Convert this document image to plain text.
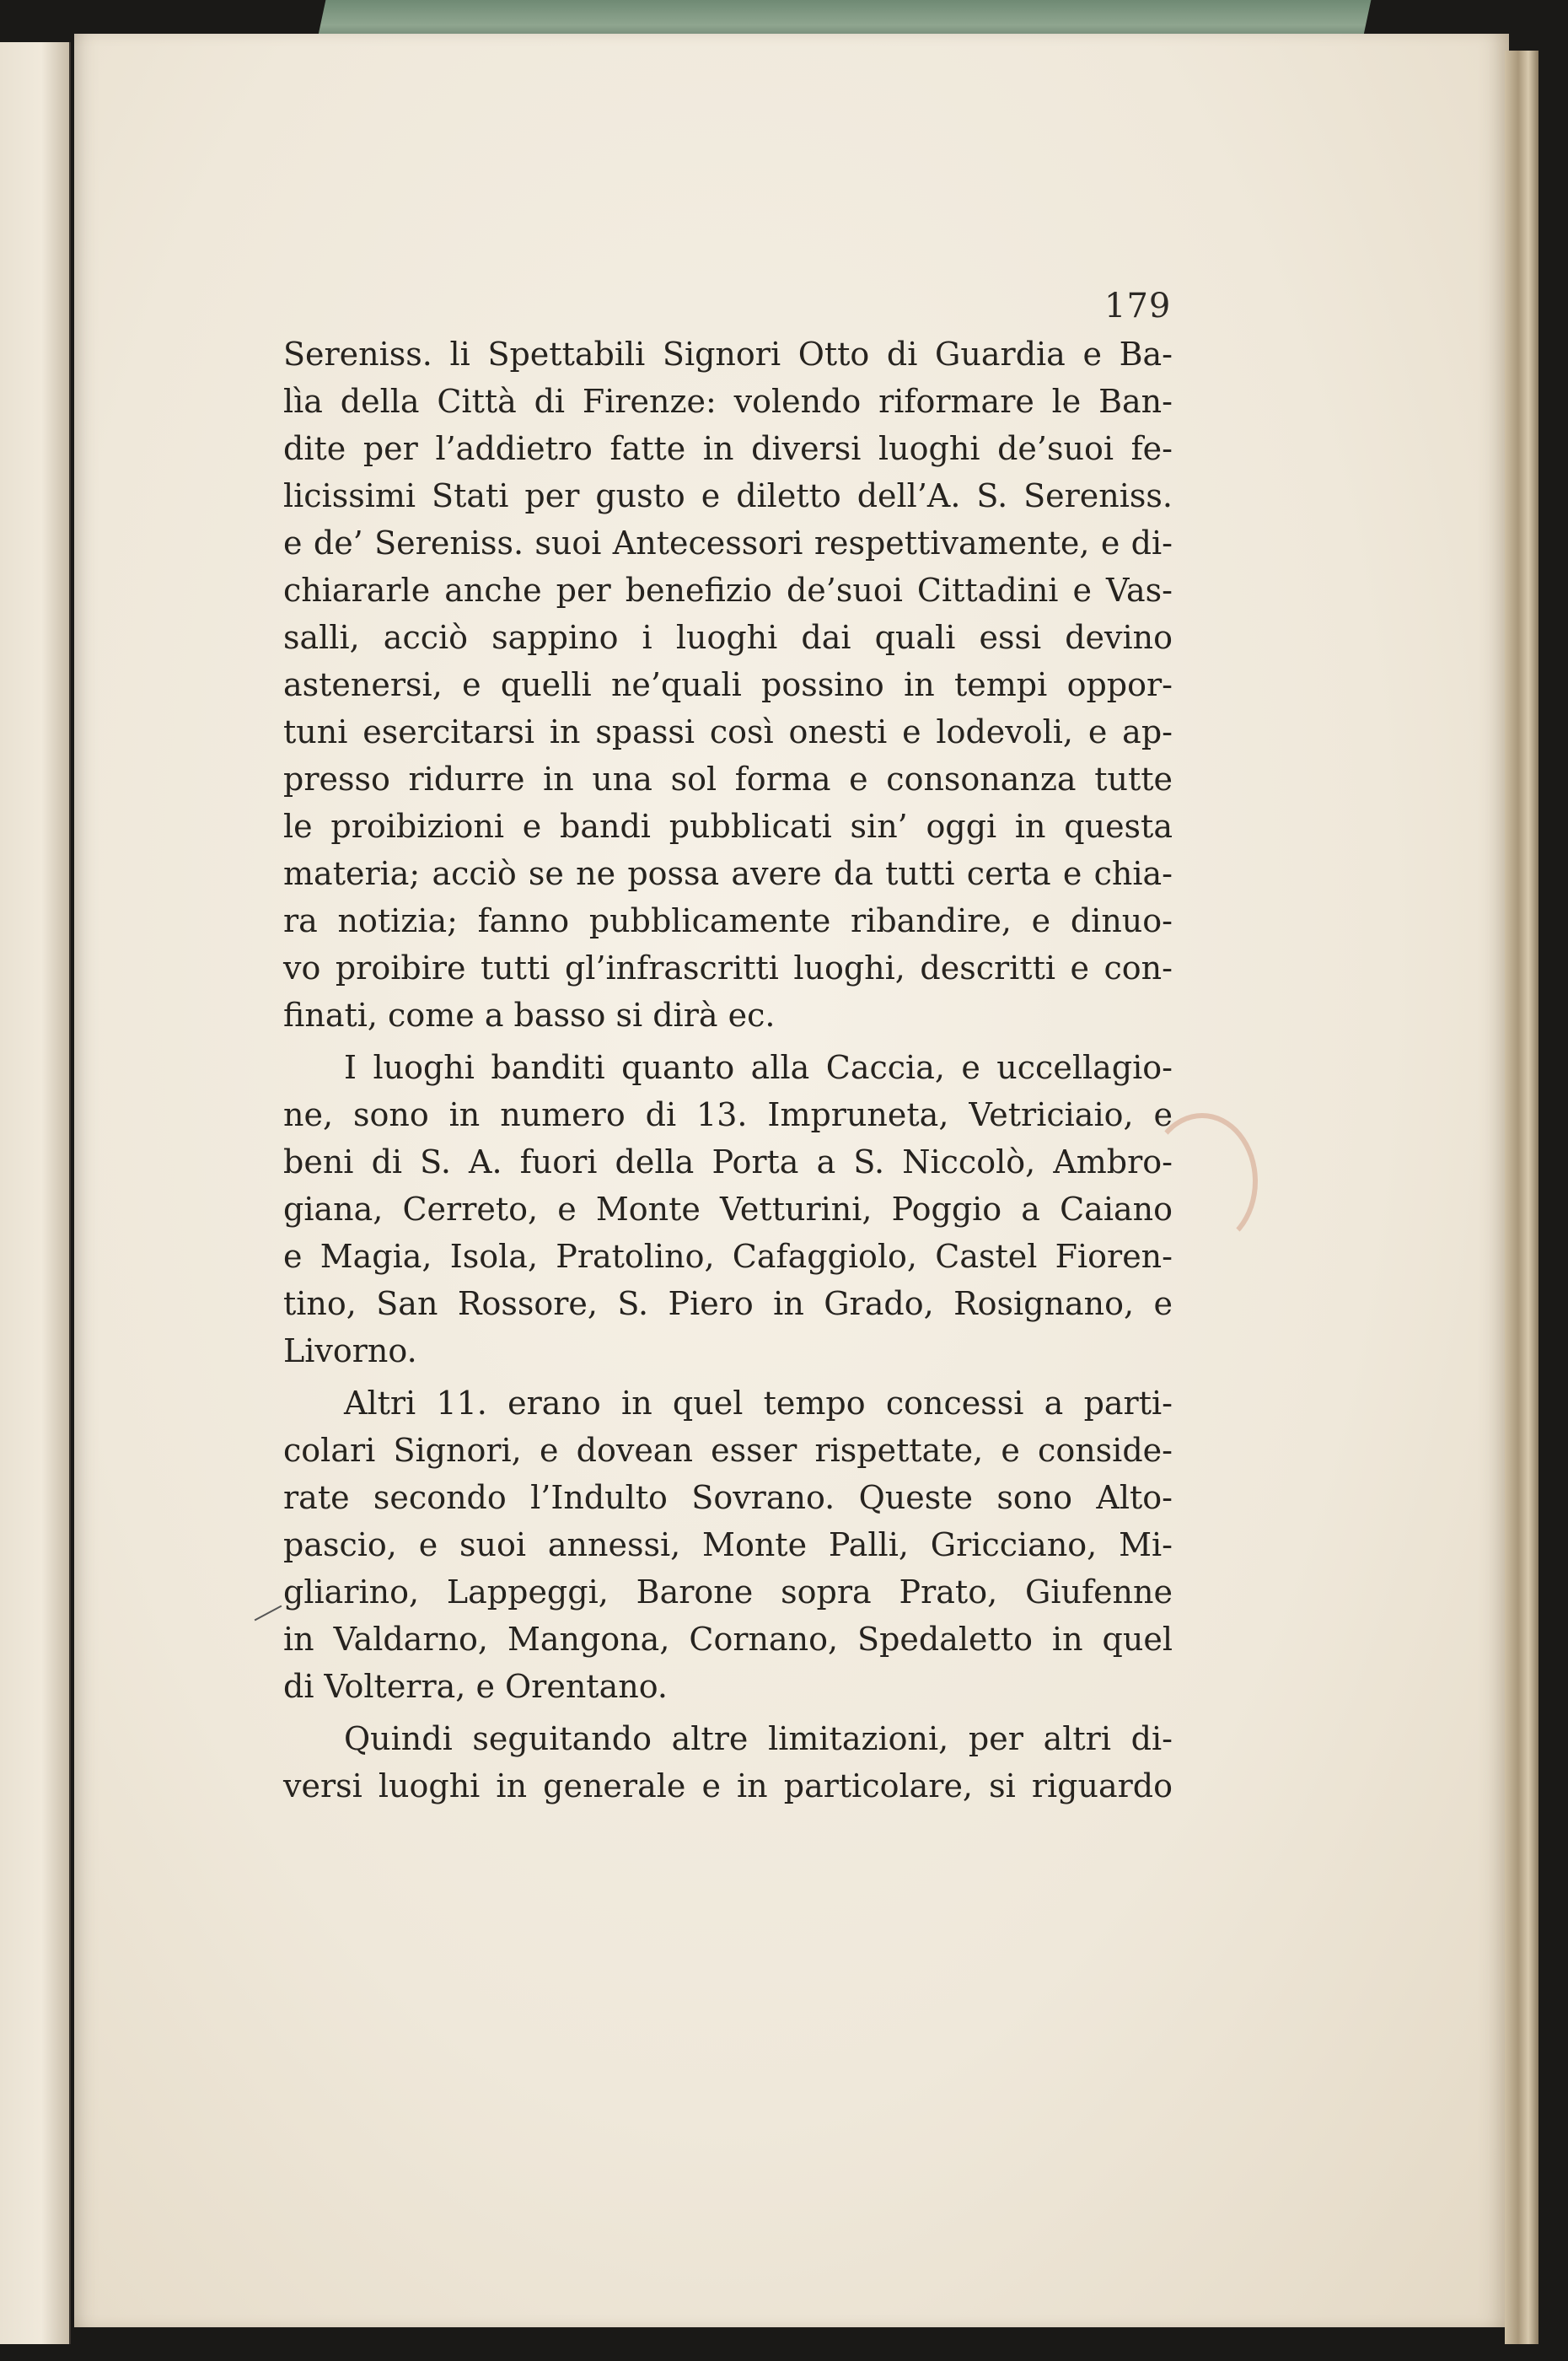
179
Sereniss. li Spettabili Signori Otto di Guardia e Ba-
lìa della Città di Firenze: volendo riformare le Ban-
dite per l’addietro fatte in diversi luoghi de’suoi fe-
licissimi Stati per gusto e diletto dell’A. S. Sereniss.
e de’ Sereniss. suoi Antecessori respettivamente, e di-
chiararle anche per benefizio de’suoi Cittadini e Vas-
salli, acciò sappino i luoghi dai quali essi devino
astenersi, e quelli ne’quali possino in tempi oppor-
tuni esercitarsi in spassi così onesti e lodevoli, e ap-
presso ridurre in una sol forma e consonanza tutte
le proibizioni e bandi pubblicati sin’ oggi in questa
materia; acciò se ne possa avere da tutti certa e chia-
ra notizia; fanno pubblicamente ribandire, e dinuo-
vo proibire tutti gl’infrascritti luoghi, descritti e con-
finati, come a basso si dirà ec.
I luoghi banditi quanto alla Caccia, e uccellagio-
ne, sono in numero di 13. Impruneta, Vetriciaio, e
beni di S. A. fuori della Porta a S. Niccolò, Ambro-
giana, Cerreto, e Monte Vetturini, Poggio a Caiano
e Magia, Isola, Pratolino, Cafaggiolo, Castel Fioren-
tino, San Rossore, S. Piero in Grado, Rosignano, e
Livorno.
Altri 11. erano in quel tempo concessi a parti-
colari Signori, e dovean esser rispettate, e conside-
rate secondo l’Indulto Sovrano. Queste sono Alto-
pascio, e suoi annessi, Monte Palli, Gricciano, Mi-
gliarino, Lappeggi, Barone sopra Prato, Giufenne
in Valdarno, Mangona, Cornano, Spedaletto in quel
di Volterra, e Orentano.
Quindi seguitando altre limitazioni, per altri di-
versi luoghi in generale e in particolare, si riguardo
